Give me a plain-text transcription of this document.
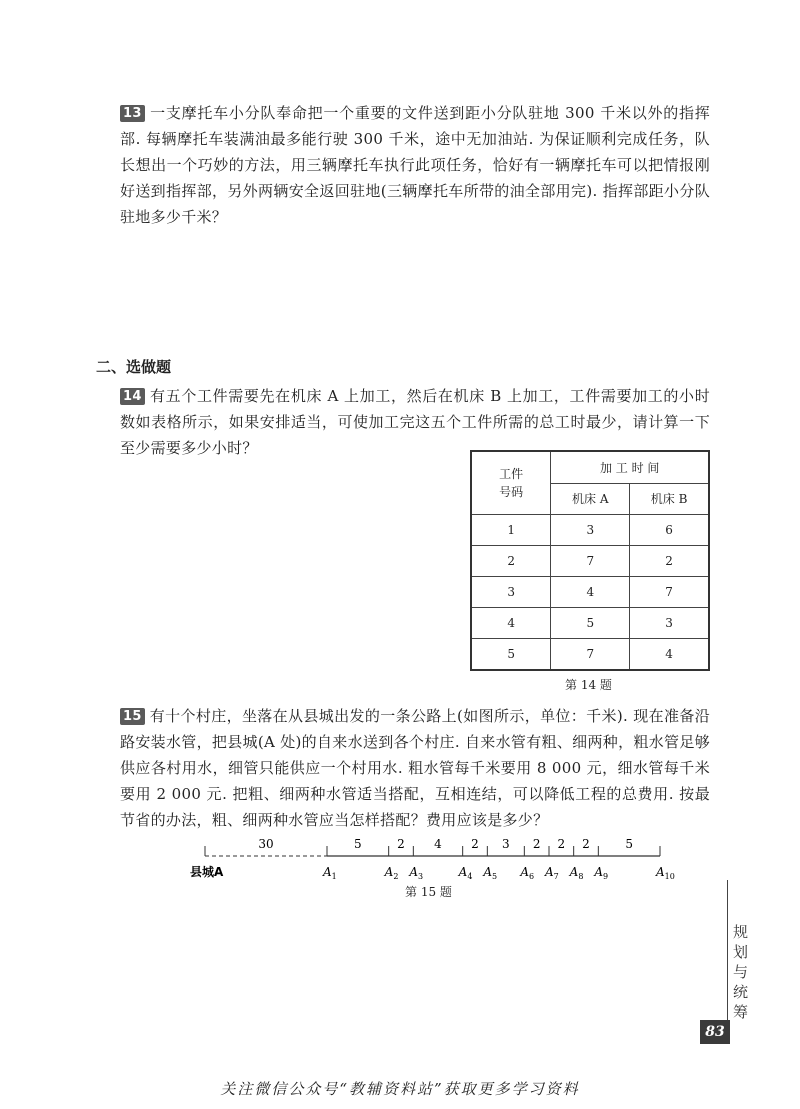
13 一支摩托车小分队奉命把一个重要的文件送到距小分队驻地 300 千米以外的指挥部. 每辆摩托车装满油最多能行驶 300 千米，途中无加油站. 为保证顺利完成任务，队长想出一个巧妙的方法，用三辆摩托车执行此项任务，恰好有一辆摩托车可以把情报刚好送到指挥部，另外两辆安全返回驻地(三辆摩托车所带的油全部用完). 指挥部距小分队驻地多少千米？

二、选做题

14 有五个工件需要先在机床 A 上加工，然后在机床 B 上加工，工件需要加工的小时数如表格所示，如果安排适当，可使加工完这五个工件所需的总工时最少，请计算一下至少需要多少小时？

工件号码	加 工 时 间	
	机床 A	机床 B
1	3	6
2	7	2
3	4	7
4	5	3
5	7	4
第 14 题

15 有十个村庄，坐落在从县城出发的一条公路上(如图所示，单位：千米). 现在准备沿路安装水管，把县城(A 处)的自来水送到各个村庄. 自来水管有粗、细两种，粗水管足够供应各村用水，细管只能供应一个村用水. 粗水管每千米要用 8 000 元，细水管每千米要用 2 000 元. 把粗、细两种水管适当搭配，互相连结，可以降低工程的总费用. 按最节省的办法，粗、细两种水管应当怎样搭配？费用应该是多少？

30	5	2 4 2 3 2 2 2	5
县城A	$A_1$	$A_2$ $A_3$	$A_4$ $A_5$ $A_6$ $A_7$ $A_8$ $A_9$	$A_{10}$
第 15 题
规划与统筹
83
关注微信公众号“教辅资料站”获取更多学习资料
